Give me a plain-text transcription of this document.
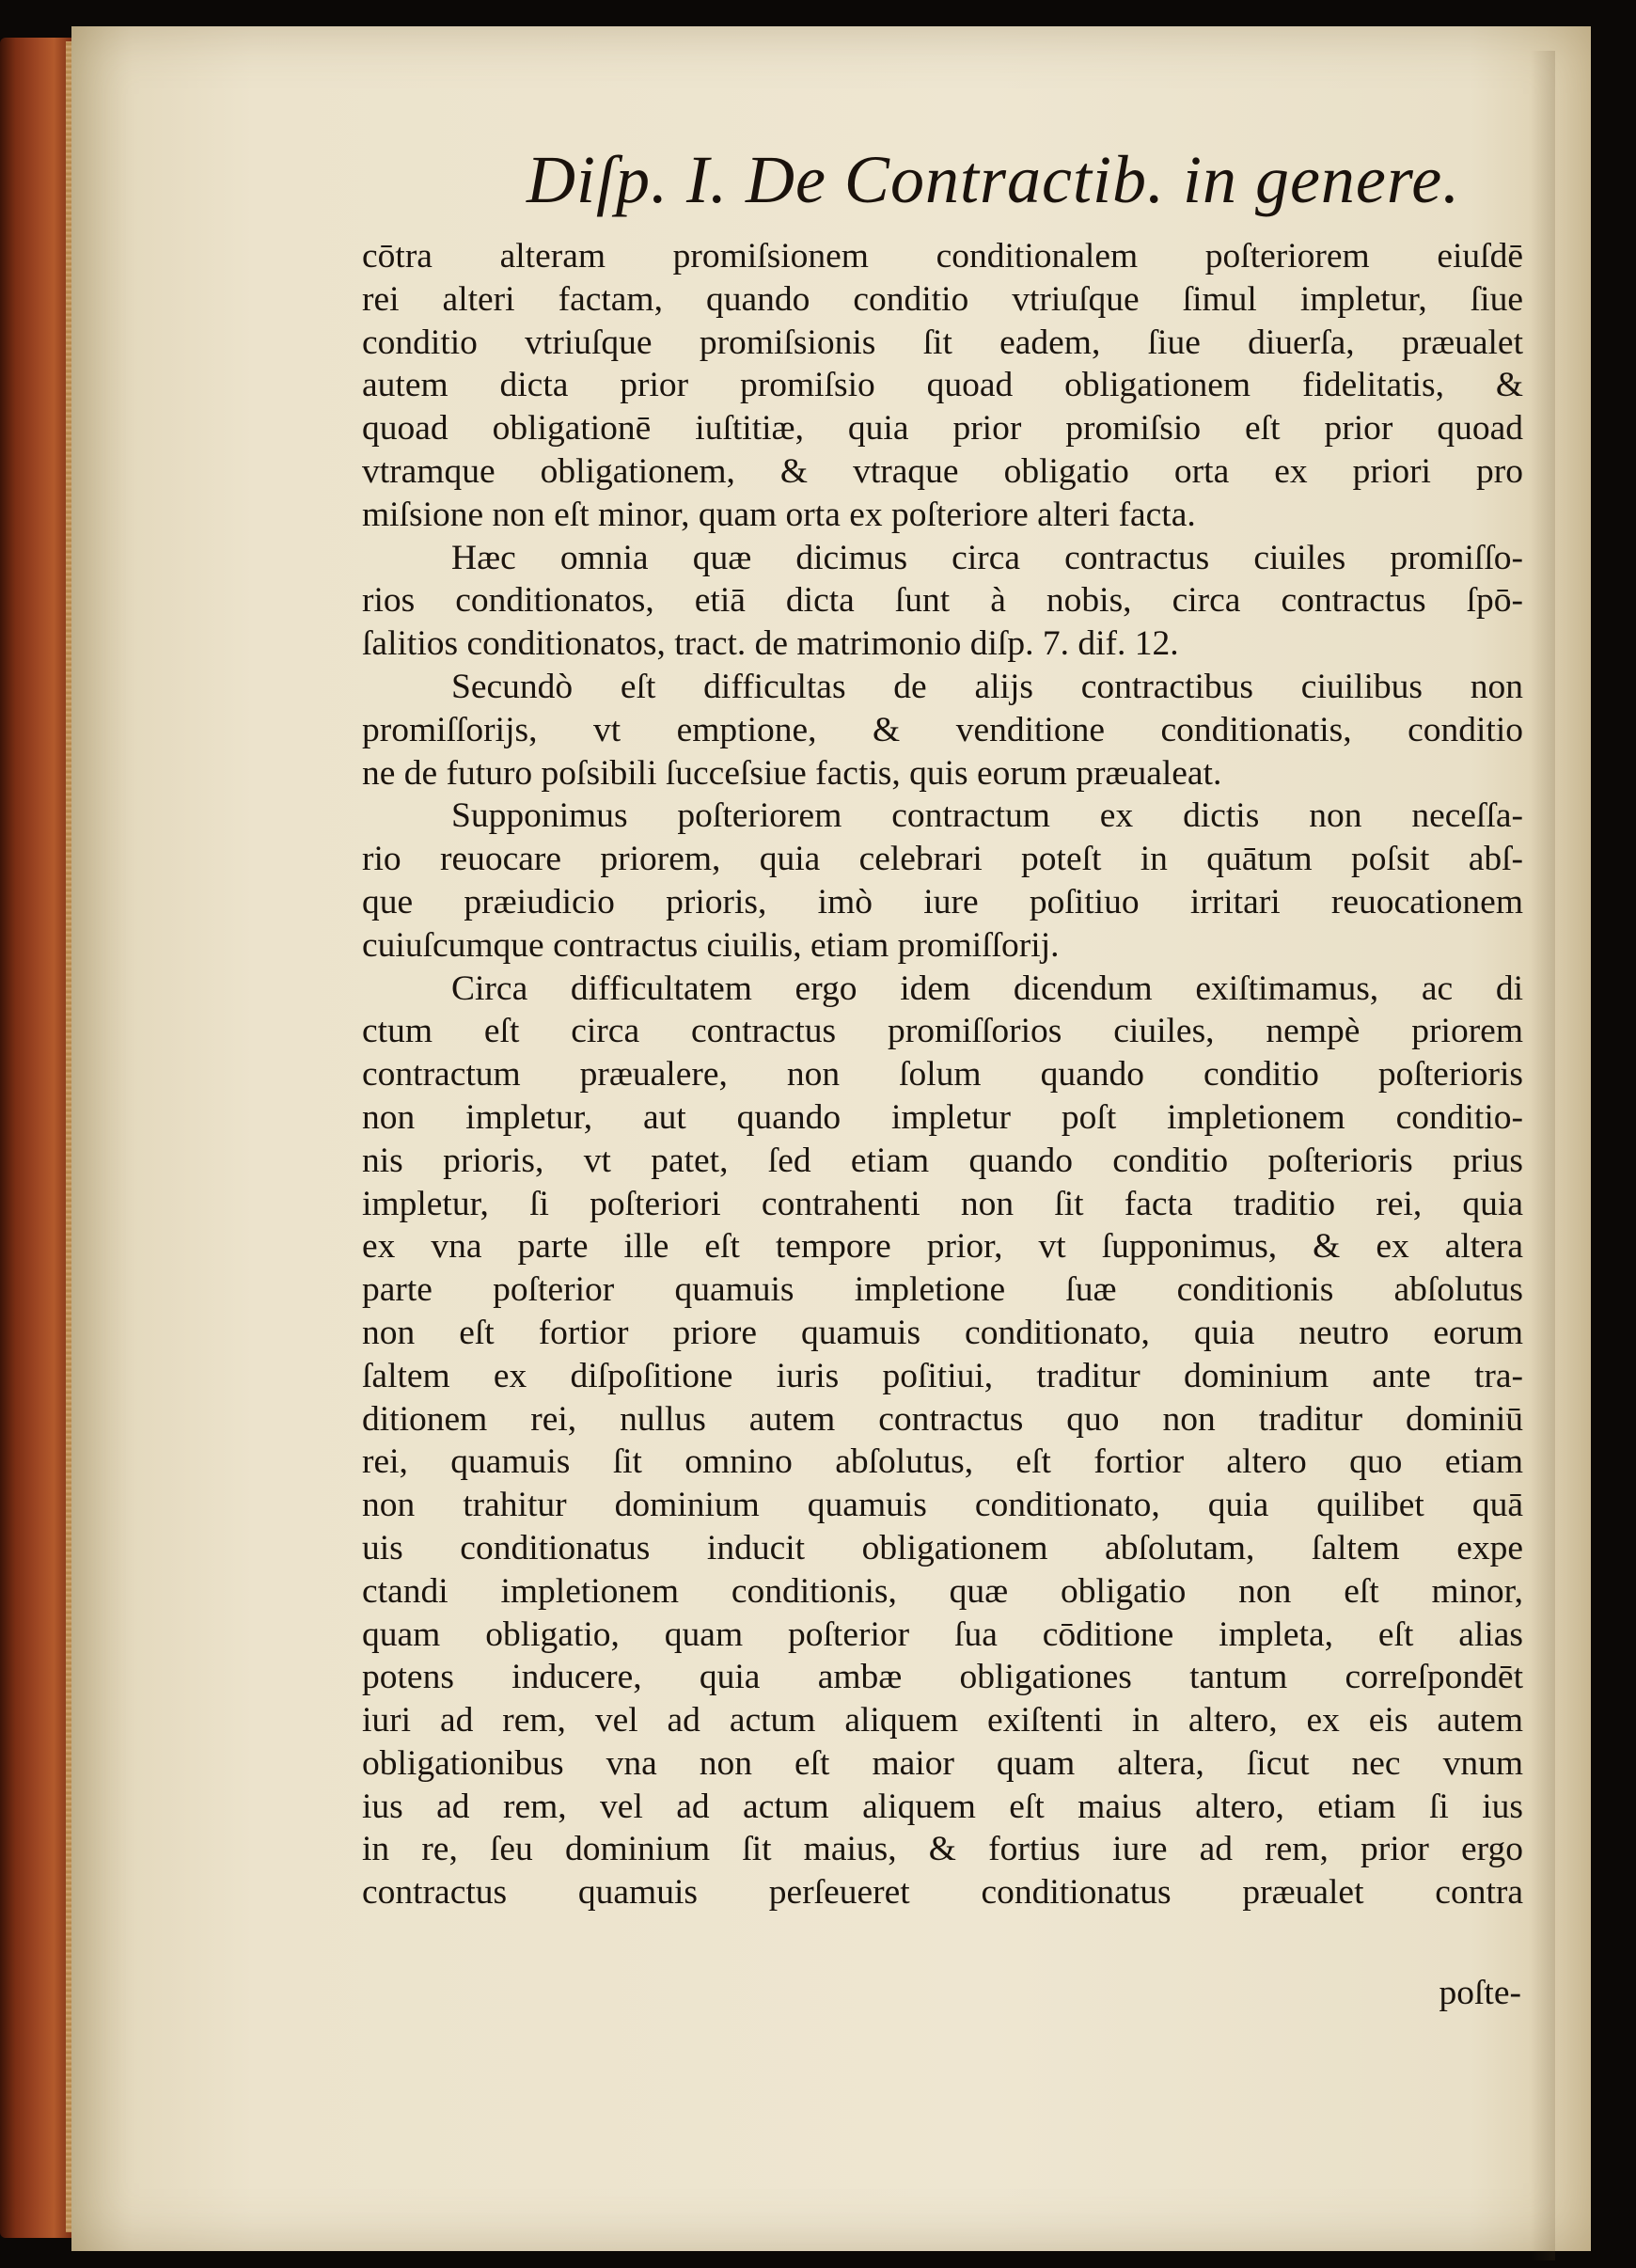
Diſp. I. De Contractib. in genere.
cōtra alteram promiſsionem conditionalem poſteriorem eiuſdē
rei alteri factam, quando conditio vtriuſque ſimul impletur, ſiue
conditio vtriuſque promiſsionis ſit eadem, ſiue diuerſa, præualet
autem dicta prior promiſsio quoad obligationem fidelitatis, &
quoad obligationē iuſtitiæ, quia prior promiſsio eſt prior quoad
vtramque obligationem, & vtraque obligatio orta ex priori pro
miſsione non eſt minor, quam orta ex poſteriore alteri facta.
Hæc omnia quæ dicimus circa contractus ciuiles promiſſo-
rios conditionatos, etiā dicta ſunt à nobis, circa contractus ſpō-
ſalitios conditionatos, tract. de matrimonio diſp. 7. dif. 12.
Secundò eſt difficultas de alijs contractibus ciuilibus non
promiſſorijs, vt emptione, & venditione conditionatis, conditio
ne de futuro poſsibili ſucceſsiue factis, quis eorum præualeat.
Supponimus poſteriorem contractum ex dictis non neceſſa-
rio reuocare priorem, quia celebrari poteſt in quātum poſsit abſ-
que præiudicio prioris, imò iure poſitiuo irritari reuocationem
cuiuſcumque contractus ciuilis, etiam promiſſorij.
Circa difficultatem ergo idem dicendum exiſtimamus, ac di
ctum eſt circa contractus promiſſorios ciuiles, nempè priorem
contractum præualere, non ſolum quando conditio poſterioris
non impletur, aut quando impletur poſt impletionem conditio-
nis prioris, vt patet, ſed etiam quando conditio poſterioris prius
impletur, ſi poſteriori contrahenti non ſit facta traditio rei, quia
ex vna parte ille eſt tempore prior, vt ſupponimus, & ex altera
parte poſterior quamuis impletione ſuæ conditionis abſolutus
non eſt fortior priore quamuis conditionato, quia neutro eorum
ſaltem ex diſpoſitione iuris poſitiui, traditur dominium ante tra-
ditionem rei, nullus autem contractus quo non traditur dominiū
rei, quamuis ſit omnino abſolutus, eſt fortior altero quo etiam
non trahitur dominium quamuis conditionato, quia quilibet quā
uis conditionatus inducit obligationem abſolutam, ſaltem expe
ctandi impletionem conditionis, quæ obligatio non eſt minor,
quam obligatio, quam poſterior ſua cōditione impleta, eſt alias
potens inducere, quia ambæ obligationes tantum correſpondēt
iuri ad rem, vel ad actum aliquem exiſtenti in altero, ex eis autem
obligationibus vna non eſt maior quam altera, ſicut nec vnum
ius ad rem, vel ad actum aliquem eſt maius altero, etiam ſi ius
in re, ſeu dominium ſit maius, & fortius iure ad rem, prior ergo
contractus quamuis perſeueret conditionatus præualet contra
poſte-
